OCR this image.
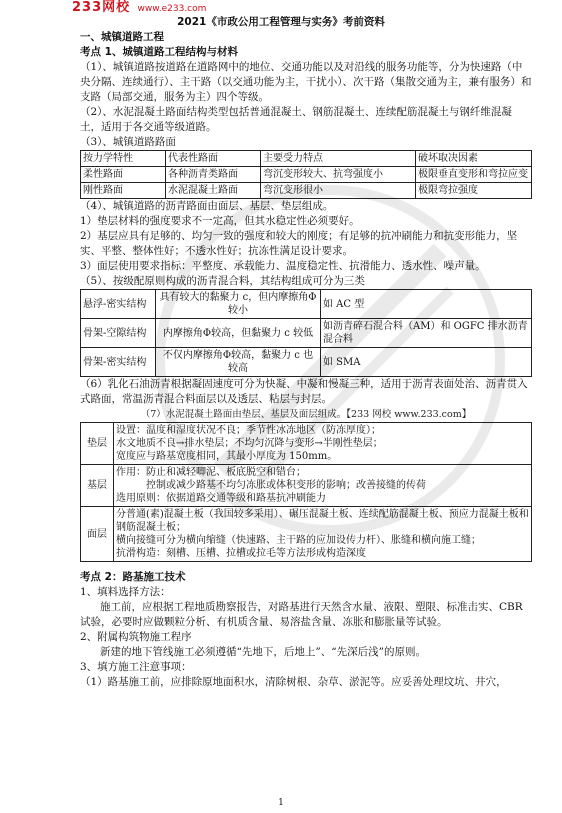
233网校 www.e233.com
2021《市政公用工程管理与实务》考前资料

一、城镇道路工程

考点 1、城镇道路工程结构与材料

（1）、城镇道路按道路在道路网中的地位、交通功能以及对沿线的服务功能等，分为快速路（中央分隔、连续通行）、主干路（以交通功能为主，干扰小）、次干路（集散交通为主，兼有服务）和支路（局部交通，服务为主）四个等级。

（2）、水泥混凝土路面结构类型包括普通混凝土、钢筋混凝土、连续配筋混凝土与钢纤维混凝土，适用于各交通等级道路。

（3）、城镇道路路面

按力学特性	代表性路面	主要受力特点	破坏取决因素
柔性路面	各种沥青类路面	弯沉变形较大、抗弯强度小	极限垂直变形和弯拉应变
刚性路面	水泥混凝土路面	弯沉变形很小	极限弯拉强度

（4）、城镇道路的沥青路面由面层、基层、垫层组成。

1）垫层材料的强度要求不一定高，但其水稳定性必须要好。

2）基层应具有足够的、均匀一致的强度和较大的刚度；有足够的抗冲刷能力和抗变形能力，坚实、平整、整体性好；不透水性好；抗冻性满足设计要求。

3）面层使用要求指标：平整度、承载能力、温度稳定性、抗滑能力、透水性、噪声量。

（5）、按级配原则构成的沥青混合料，其结构组成可分为三类

悬浮-密实结构	具有较大的黏聚力 c，但内摩擦角Φ较小	如 AC 型
骨架-空隙结构	内摩擦角Φ较高，但黏聚力 c 较低	如沥青碎石混合料（AM）和 OGFC 排水沥青混合料
骨架-密实结构	不仅内摩擦角Φ较高，黏聚力 c 也较高	如 SMA

（6）乳化石油沥青根据凝固速度可分为快凝、中凝和慢凝三种，适用于沥青表面处治、沥青贯入式路面，常温沥青混合料面层以及透层、粘层与封层。

（7）水泥混凝土路面由垫层、基层及面层组成。【233 网校 www.233.com】

垫层	设置：温度和湿度状况不良；季节性冰冻地区（防冻厚度）；
水文地质不良→排水垫层；不均匀沉降与变形→半刚性垫层；
宽度应与路基宽度相同，其最小厚度为 150mm。

基层	作用：防止和减轻唧泥、板底脱空和错台；
控制或减少路基不均匀冻胀或体积变形的影响；改善接缝的传荷
选用原则：依据道路交通等级和路基抗冲刷能力

面层	分普通(素)混凝土板（我国较多采用）、碾压混凝土板、连续配筋混凝土板、预应力混凝土板和钢筋混凝土板；
横向接缝可分为横向缩缝（快速路、主干路的应加设传力杆）、胀缝和横向施工缝；
抗滑构造：刻槽、压槽、拉槽或拉毛等方法形成构造深度

考点 2：路基施工技术

1、填料选择方法：

施工前，应根据工程地质勘察报告，对路基进行天然含水量、液限、塑限、标准击实、CBR 试验，必要时应做颗粒分析、有机质含量、易溶盐含量、冻胀和膨胀量等试验。

2、附属构筑物施工程序

新建的地下管线施工必须遵循“先地下，后地上”、“先深后浅”的原则。

3、填方施工注意事项：

（1）路基施工前，应排除原地面积水，清除树根、杂草、淤泥等。应妥善处理坟坑、井穴，

1
